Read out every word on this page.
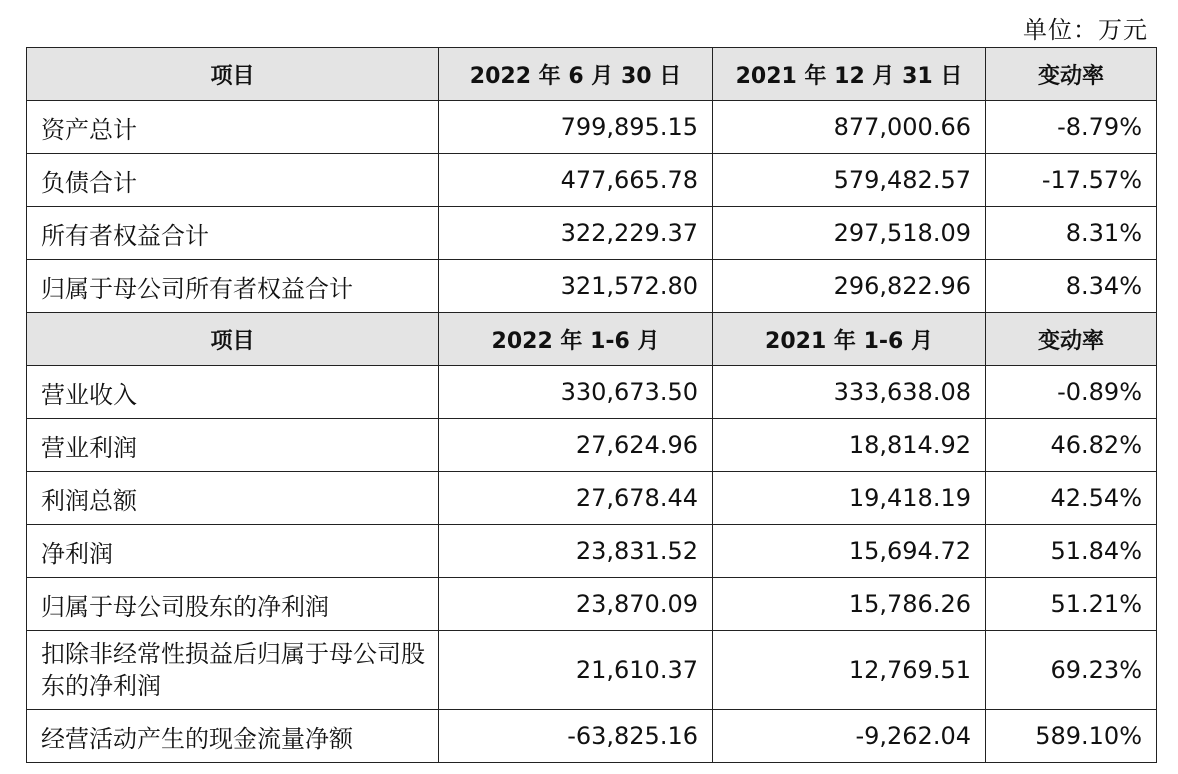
单位：万元
项目	2022 年 6 月 30 日	2021 年 12 月 31 日	变动率
资产总计	799,895.15	877,000.66	-8.79%
负债合计	477,665.78	579,482.57	-17.57%
所有者权益合计	322,229.37	297,518.09	8.31%
归属于母公司所有者权益合计	321,572.80	296,822.96	8.34%
项目	2022 年 1-6 月	2021 年 1-6 月	变动率
营业收入	330,673.50	333,638.08	-0.89%
营业利润	27,624.96	18,814.92	46.82%
利润总额	27,678.44	19,418.19	42.54%
净利润	23,831.52	15,694.72	51.84%
归属于母公司股东的净利润	23,870.09	15,786.26	51.21%
扣除非经常性损益后归属于母公司股东的净利润	21,610.37	12,769.51	69.23%
经营活动产生的现金流量净额	-63,825.16	-9,262.04	589.10%
